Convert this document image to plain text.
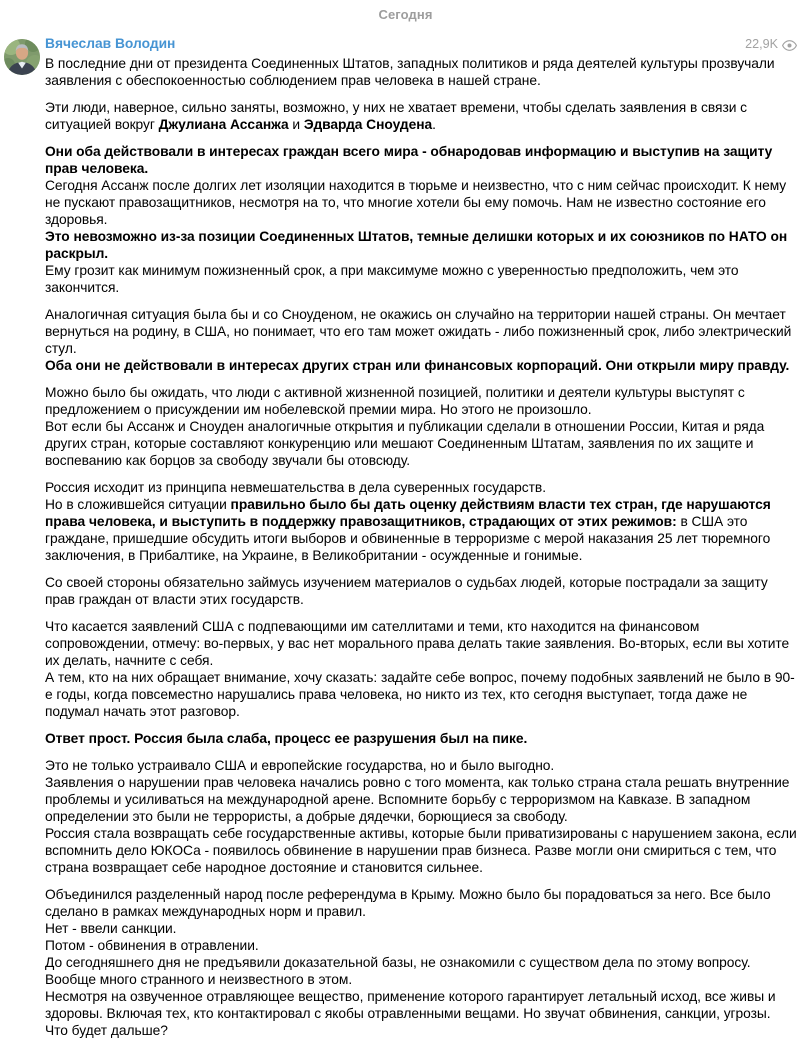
Сегодня
Вячеслав Володин	22,9K

В последние дни от президента Соединенных Штатов, западных политиков и ряда деятелей культуры прозвучали заявления с обеспокоенностью соблюдением прав человека в нашей стране.

Эти люди, наверное, сильно заняты, возможно, у них не хватает времени, чтобы сделать заявления в связи с ситуацией вокруг Джулиана Ассанжа и Эдварда Сноудена.

Они оба действовали в интересах граждан всего мира - обнародовав информацию и выступив на защиту прав человека.

Сегодня Ассанж после долгих лет изоляции находится в тюрьме и неизвестно, что с ним сейчас происходит. К нему не пускают правозащитников, несмотря на то, что многие хотели бы ему помочь. Нам не известно состояние его здоровья.

Это невозможно из-за позиции Соединенных Штатов, темные делишки которых и их союзников по НАТО он раскрыл.

Ему грозит как минимум пожизненный срок, а при максимуме можно с уверенностью предположить, чем это закончится.

Аналогичная ситуация была бы и со Сноуденом, не окажись он случайно на территории нашей страны. Он мечтает вернуться на родину, в США, но понимает, что его там может ожидать - либо пожизненный срок, либо электрический стул.

Оба они не действовали в интересах других стран или финансовых корпораций. Они открыли миру правду.

Можно было бы ожидать, что люди с активной жизненной позицией, политики и деятели культуры выступят с предложением о присуждении им нобелевской премии мира. Но этого не произошло.

Вот если бы Ассанж и Сноуден аналогичные открытия и публикации сделали в отношении России, Китая и ряда других стран, которые составляют конкуренцию или мешают Соединенным Штатам, заявления по их защите и воспеванию как борцов за свободу звучали бы отовсюду.

Россия исходит из принципа невмешательства в дела суверенных государств.

Но в сложившейся ситуации правильно было бы дать оценку действиям власти тех стран, где нарушаются права человека, и выступить в поддержку правозащитников, страдающих от этих режимов: в США это граждане, пришедшие обсудить итоги выборов и обвиненные в терроризме с мерой наказания 25 лет тюремного заключения, в Прибалтике, на Украине, в Великобритании - осужденные и гонимые.

Со своей стороны обязательно займусь изучением материалов о судьбах людей, которые пострадали за защиту прав граждан от власти этих государств.

Что касается заявлений США с подпевающими им сателлитами и теми, кто находится на финансовом сопровождении, отмечу: во-первых, у вас нет морального права делать такие заявления. Во-вторых, если вы хотите их делать, начните с себя.

А тем, кто на них обращает внимание, хочу сказать: задайте себе вопрос, почему подобных заявлений не было в 90-е годы, когда повсеместно нарушались права человека, но никто из тех, кто сегодня выступает, тогда даже не подумал начать этот разговор.

Ответ прост. Россия была слаба, процесс ее разрушения был на пике.

Это не только устраивало США и европейские государства, но и было выгодно.

Заявления о нарушении прав человека начались ровно с того момента, как только страна стала решать внутренние проблемы и усиливаться на международной арене. Вспомните борьбу с терроризмом на Кавказе. В западном определении это были не террористы, а добрые дядечки, борющиеся за свободу.

Россия стала возвращать себе государственные активы, которые были приватизированы с нарушением закона, если вспомнить дело ЮКОСа - появилось обвинение в нарушении прав бизнеса. Разве могли они смириться с тем, что страна возвращает себе народное достояние и становится сильнее.

Объединился разделенный народ после референдума в Крыму. Можно было бы порадоваться за него. Все было сделано в рамках международных норм и правил.

Нет - ввели санкции.

Потом - обвинения в отравлении.

До сегодняшнего дня не предъявили доказательной базы, не ознакомили с существом дела по этому вопросу.

Вообще много странного и неизвестного в этом.

Несмотря на озвученное отравляющее вещество, применение которого гарантирует летальный исход, все живы и здоровы. Включая тех, кто контактировал с якобы отравленными вещами. Но звучат обвинения, санкции, угрозы.

Что будет дальше?
